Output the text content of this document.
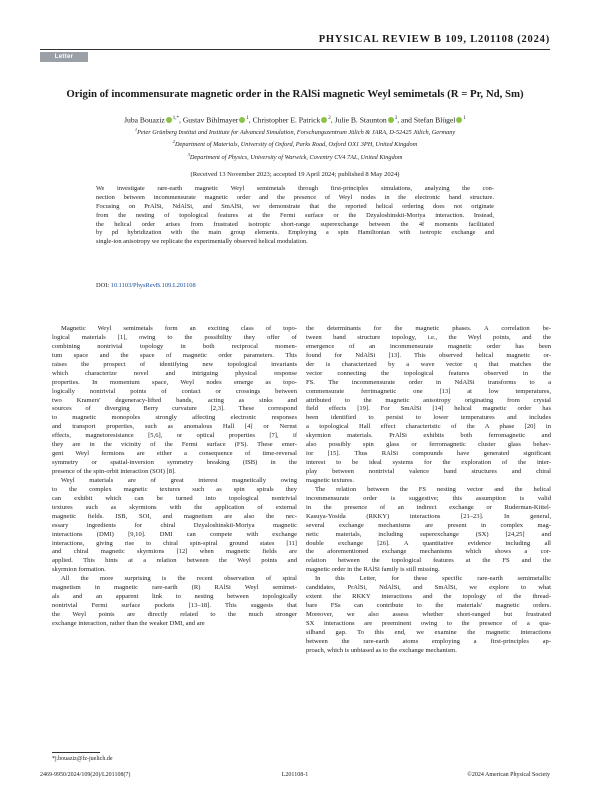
PHYSICAL REVIEW B 109, L201108 (2024)
Letter
Origin of incommensurate magnetic order in the RAlSi magnetic Weyl semimetals (R = Pr, Nd, Sm)
Juba Bouaziz $^{1,*}$, Gustav Bihlmayer $^1$, Christopher E. Patrick $^2$, Julie B. Staunton $^3$, and Stefan Blügel $^1$
$^1$Peter Grünberg Institut and Institute for Advanced Simulation, Forschungszentrum Jülich & JARA, D-52425 Jülich, Germany
$^2$Department of Materials, University of Oxford, Parks Road, Oxford OX1 3PH, United Kingdom
$^3$Department of Physics, University of Warwick, Coventry CV4 7AL, United Kingdom
(Received 13 November 2023; accepted 19 April 2024; published 8 May 2024)
We investigate rare-earth magnetic Weyl semimetals through first-principles simulations, analyzing the con-
nection between incommensurate magnetic order and the presence of Weyl nodes in the electronic band structure.
Focusing on PrAlSi, NdAlSi, and SmAlSi, we demonstrate that the reported helical ordering does not originate
from the nesting of topological features at the Fermi surface or the Dzyaloshinskii-Moriya interaction. Instead,
the helical order arises from frustrated isotropic short-range superexchange between the 4f moments facilitated
by pd hybridization with the main group elements. Employing a spin Hamiltonian with isotropic exchange and
single-ion anisotropy we replicate the experimentally observed helical modulation.
DOI: 10.1103/PhysRevB.109.L201108
Magnetic Weyl semimetals form an exciting class of topo-
logical materials [1], owing to the possibility they offer of
combining nontrivial topology in both reciprocal momen-
tum space and the space of magnetic order parameters. This
raises the prospect of identifying new topological invariants
which characterize novel and intriguing physical response
properties. In momentum space, Weyl nodes emerge as topo-
logically nontrivial points of contact or crossings between
two Kramers' degeneracy-lifted bands, acting as sinks and
sources of diverging Berry curvature [2,3]. These correspond
to magnetic monopoles strongly affecting electronic responses
and transport properties, such as anomalous Hall [4] or Nernst
effects, magnetoresistance [5,6], or optical properties [7], if
they are in the vicinity of the Fermi surface (FS). These emer-
gent Weyl fermions are either a consequence of time-reversal
symmetry or spatial-inversion symmetry breaking (ISB) in the
presence of the spin-orbit interaction (SOI) [8].
Weyl materials are of great interest magnetically owing
to the complex magnetic textures such as spin spirals they
can exhibit which can be turned into topological nontrivial
textures such as skyrmions with the application of external
magnetic fields. ISB, SOI, and magnetism are also the nec-
essary ingredients for chiral Dzyaloshinskii-Moriya magnetic
interactions (DMI) [9,10]. DMI can compete with exchange
interactions, giving rise to chiral spin-spiral ground states [11]
and chiral magnetic skyrmions [12] when magnetic fields are
applied. This hints at a relation between the Weyl points and
skyrmion formation.
All the more surprising is the recent observation of spiral
magnetism in magnetic rare-earth (R) RAlSi Weyl semimet-
als and an apparent link to nesting between topologically
nontrivial Fermi surface pockets [13–18]. This suggests that
the Weyl points are directly related to the much stronger
exchange interaction, rather than the weaker DMI, and are
the determinants for the magnetic phases. A correlation be-
tween band structure topology, i.e., the Weyl points, and the
emergence of an incommensurate magnetic order has been
found for NdAlSi [13]. This observed helical magnetic or-
der is characterized by a wave vector q that matches the
vector connecting the topological features observed in the
FS. The incommensurate order in NdAlSi transforms to a
commensurate ferrimagnetic one [13] at low temperatures,
attributed to the magnetic anisotropy originating from crystal
field effects [19]. For SmAlSi [14] helical magnetic order has
been identified to persist to lower temperatures and includes
a topological Hall effect characteristic of the A phase [20] in
skyrmion materials. PrAlSi exhibits both ferromagnetic and
also possibly spin glass or ferromagnetic cluster glass behav-
ior [15]. Thus RAlSi compounds have generated significant
interest to be ideal systems for the exploration of the inter-
play between nontrivial valence band structures and chiral
magnetic textures.
The relation between the FS nesting vector and the helical
incommensurate order is suggestive; this assumption is valid
in the presence of an indirect exchange or Ruderman-Kittel-
Kasuya-Yosida (RKKY) interactions [21–23]. In general,
several exchange mechanisms are present in complex mag-
netic materials, including superexchange (SX) [24,25] and
double exchange [26]. A quantitative evidence including all
the aforementioned exchange mechanisms which shows a cor-
relation between the topological features at the FS and the
magnetic order in the RAlSi family is still missing.
In this Letter, for these specific rare-earth semimetallic
candidates, PrAlSi, NdAlSi, and SmAlSi, we explore to what
extent the RKKY interactions and the topology of the thread-
bare FSs can contribute to the materials' magnetic orders.
Moreover, we also assess whether short-ranged but frustrated
SX interactions are preeminent owing to the presence of a qua-
silband gap. To this end, we examine the magnetic interactions
between the rare-earth atoms employing a first-principles ap-
proach, which is unbiased as to the exchange mechanism.
*j.bouaziz@fz-juelich.de
2469-9950/2024/109(20)/L201108(7)	L201108-1	©2024 American Physical Society
